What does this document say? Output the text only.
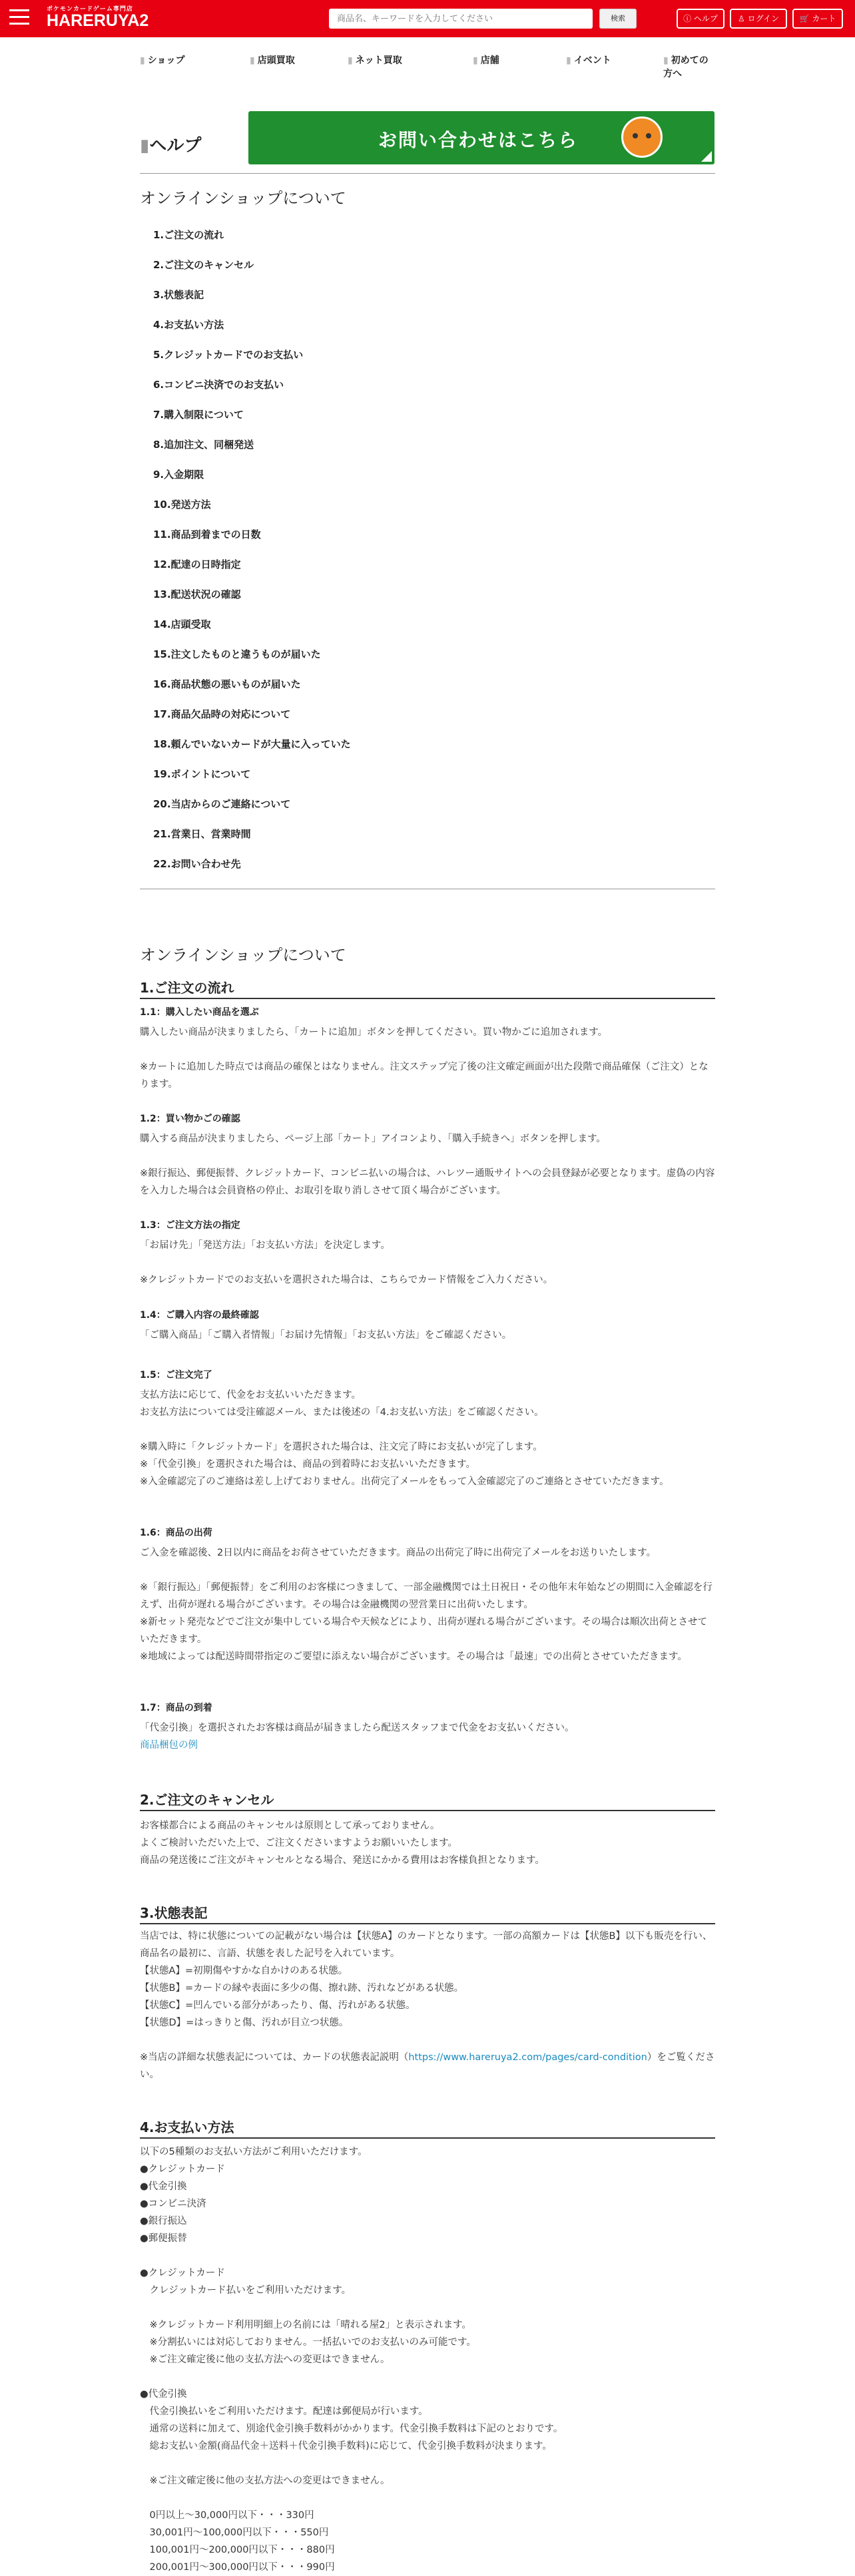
ポケモンカードゲーム専門店
HARERUYA2
商品名、キーワードを入力してください	検索	ⓘ ヘルプ	♙ ログイン	🛒 カート
▮ ショップ	▮ 店頭買取	▮ ネット買取	▮ 店舗	▮ イベント	▮ 初めての方へ
▮ヘルプ	お問い合わせはこちら
オンラインショップについて
1.ご注文の流れ
2.ご注文のキャンセル
3.状態表記
4.お支払い方法
5.クレジットカードでのお支払い
6.コンビニ決済でのお支払い
7.購入制限について
8.追加注文、同梱発送
9.入金期限
10.発送方法
11.商品到着までの日数
12.配達の日時指定
13.配送状況の確認
14.店頭受取
15.注文したものと違うものが届いた
16.商品状態の悪いものが届いた
17.商品欠品時の対応について
18.頼んでいないカードが大量に入っていた
19.ポイントについて
20.当店からのご連絡について
21.営業日、営業時間
22.お問い合わせ先
オンラインショップについて
1.ご注文の流れ
1.1：購入したい商品を選ぶ
購入したい商品が決まりましたら、「カートに追加」ボタンを押してください。買い物かごに追加されます。

※カートに追加した時点では商品の確保とはなりません。注文ステップ完了後の注文確定画面が出た段階で商品確保（ご注文）となります。
1.2：買い物かごの確認
購入する商品が決まりましたら、ページ上部「カート」アイコンより、「購入手続きへ」ボタンを押します。

※銀行振込、郵便振替、クレジットカード、コンビニ払いの場合は、ハレツー通販サイトへの会員登録が必要となります。虚偽の内容を入力した場合は会員資格の停止、お取引を取り消しさせて頂く場合がございます。
1.3：ご注文方法の指定
「お届け先」「発送方法」「お支払い方法」を決定します。

※クレジットカードでのお支払いを選択された場合は、こちらでカード情報をご入力ください。
1.4：ご購入内容の最終確認
「ご購入商品」「ご購入者情報」「お届け先情報」「お支払い方法」をご確認ください。
1.5：ご注文完了
支払方法に応じて、代金をお支払いいただきます。
お支払方法については受注確認メール、または後述の「4.お支払い方法」をご確認ください。

※購入時に「クレジットカード」を選択された場合は、注文完了時にお支払いが完了します。
※「代金引換」を選択された場合は、商品の到着時にお支払いいただきます。
※入金確認完了のご連絡は差し上げておりません。出荷完了メールをもって入金確認完了のご連絡とさせていただきます。
1.6：商品の出荷
ご入金を確認後、2日以内に商品をお荷させていただきます。商品の出荷完了時に出荷完了メールをお送りいたします。

※「銀行振込」「郵便振替」をご利用のお客様につきまして、一部金融機関では土日祝日・その他年末年始などの期間に入金確認を行えず、出荷が遅れる場合がございます。その場合は金融機関の翌営業日に出荷いたします。
※新セット発売などでご注文が集中している場合や天候などにより、出荷が遅れる場合がございます。その場合は順次出荷とさせていただきます。
※地域によっては配送時間帯指定のご要望に添えない場合がございます。その場合は「最速」での出荷とさせていただきます。
1.7：商品の到着
「代金引換」を選択されたお客様は商品が届きましたら配送スタッフまで代金をお支払いください。
商品梱包の例
2.ご注文のキャンセル
お客様都合による商品のキャンセルは原則として承っておりません。
よくご検討いただいた上で、ご注文くださいますようお願いいたします。
商品の発送後にご注文がキャンセルとなる場合、発送にかかる費用はお客様負担となります。
3.状態表記
当店では、特に状態についての記載がない場合は【状態A】のカードとなります。一部の高額カードは【状態B】以下も販売を行い、商品名の最初に、言語、状態を表した記号を入れています。
【状態A】=初期傷やすかな自かけのある状態。
【状態B】=カードの縁や表面に多少の傷、擦れ跡、汚れなどがある状態。
【状態C】=凹んでいる部分があったり、傷、汚れがある状態。
【状態D】=はっきりと傷、汚れが目立つ状態。
※当店の詳細な状態表記については、カードの状態表記説明（https://www.hareruya2.com/pages/card-condition）をご覧ください。
4.お支払い方法
以下の5種類のお支払い方法がご利用いただけます。
●クレジットカード
●代金引換
●コンビニ決済
●銀行振込
●郵便振替

●クレジットカード
　クレジットカード払いをご利用いただけます。

　※クレジットカード利用明細上の名前には「晴れる屋2」と表示されます。
　※分割払いには対応しておりません。一括払いでのお支払いのみ可能です。
　※ご注文確定後に他の支払方法への変更はできません。

●代金引換
　代金引換払いをご利用いただけます。配達は郵便局が行います。
　通常の送料に加えて、別途代金引換手数料がかかります。代金引換手数料は下記のとおりです。
　総お支払い金額(商品代金＋送料＋代金引換手数料)に応じて、代金引換手数料が決まります。

　※ご注文確定後に他の支払方法への変更はできません。

　0円以上〜30,000円以下・・・330円
　30,001円〜100,000円以下・・・550円
　100,001円〜200,000円以下・・・880円
　200,001円〜300,000円以下・・・990円
